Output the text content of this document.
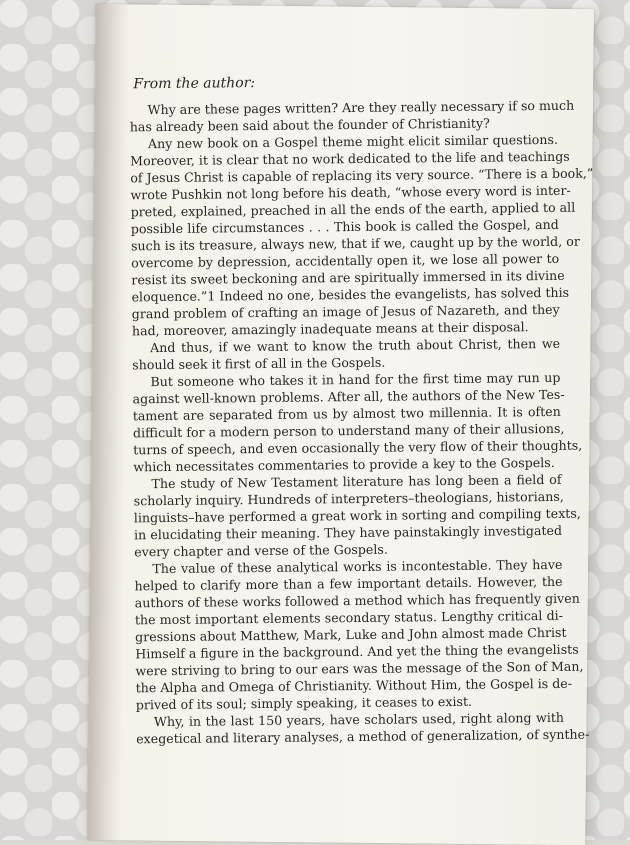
From the author:
Why are these pages written? Are they really necessary if so much
has already been said about the founder of Christianity?
Any new book on a Gospel theme might elicit similar questions.
Moreover, it is clear that no work dedicated to the life and teachings
of Jesus Christ is capable of replacing its very source. “There is a book,”
wrote Pushkin not long before his death, “whose every word is inter-
preted, explained, preached in all the ends of the earth, applied to all
possible life circumstances . . . This book is called the Gospel, and
such is its treasure, always new, that if we, caught up by the world, or
overcome by depression, accidentally open it, we lose all power to
resist its sweet beckoning and are spiritually immersed in its divine
eloquence.”1 Indeed no one, besides the evangelists, has solved this
grand problem of crafting an image of Jesus of Nazareth, and they
had, moreover, amazingly inadequate means at their disposal.
And thus, if we want to know the truth about Christ, then we
should seek it first of all in the Gospels.
But someone who takes it in hand for the first time may run up
against well-known problems. After all, the authors of the New Tes-
tament are separated from us by almost two millennia. It is often
difficult for a modern person to understand many of their allusions,
turns of speech, and even occasionally the very flow of their thoughts,
which necessitates commentaries to provide a key to the Gospels.
The study of New Testament literature has long been a field of
scholarly inquiry. Hundreds of interpreters–theologians, historians,
linguists–have performed a great work in sorting and compiling texts,
in elucidating their meaning. They have painstakingly investigated
every chapter and verse of the Gospels.
The value of these analytical works is incontestable. They have
helped to clarify more than a few important details. However, the
authors of these works followed a method which has frequently given
the most important elements secondary status. Lengthy critical di-
gressions about Matthew, Mark, Luke and John almost made Christ
Himself a figure in the background. And yet the thing the evangelists
were striving to bring to our ears was the message of the Son of Man,
the Alpha and Omega of Christianity. Without Him, the Gospel is de-
prived of its soul; simply speaking, it ceases to exist.
Why, in the last 150 years, have scholars used, right along with
exegetical and literary analyses, a method of generalization, of synthe-
